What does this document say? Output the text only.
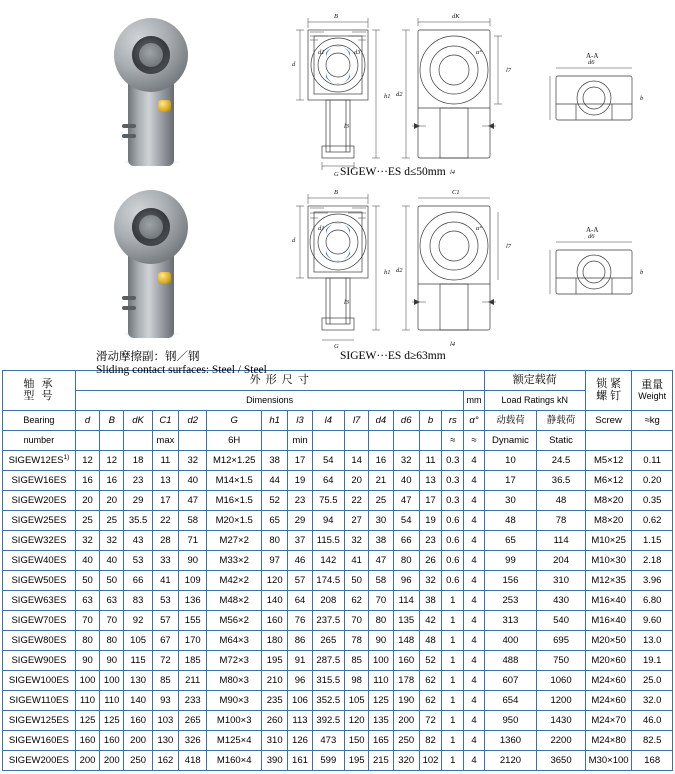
B
d
h1
G
d2
dK
l7
l4
b
d6
d1	d3
l3
α°	A-A
SIGEW···ES d≤50mm
B
d
h1
G
d2
C1
l7
l4
b
d6
d1
l3
α°	A-A
SIGEW···ES d≥63mm
滑动摩擦副：钢／钢
Sliding contact surfaces: Steel / Steel
轴 承
型 号
	外 形 尺 寸	额定载荷	锁 紧
螺 钉

重量
Weight

	Dimensions														mm	Load Ratings kN			

Bearing	d	B	dK	C1	d2	G	h1	l3	l4	l7	d4	d6	b	rs	α°	动载荷	静载荷	Screw	≈kg

number				max		6H		min						≈	≈	Dynamic	Static		
SIGEW12ES$^{1)}$	12	12	18	11	32	M12×1.25	38	17	54	14	16	32	11	0.3	4	10	24.5	M5×12	0.11
SIGEW16ES	16	16	23	13	40	M14×1.5	44	19	64	20	21	40	13	0.3	4	17	36.5	M6×12	0.20
SIGEW20ES	20	20	29	17	47	M16×1.5	52	23	75.5	22	25	47	17	0.3	4	30	48	M8×20	0.35
SIGEW25ES	25	25	35.5	22	58	M20×1.5	65	29	94	27	30	54	19	0.6	4	48	78	M8×20	0.62
SIGEW32ES	32	32	43	28	71	M27×2	80	37	115.5	32	38	66	23	0.6	4	65	114	M10×25	1.15
SIGEW40ES	40	40	53	33	90	M33×2	97	46	142	41	47	80	26	0.6	4	99	204	M10×30	2.18
SIGEW50ES	50	50	66	41	109	M42×2	120	57	174.5	50	58	96	32	0.6	4	156	310	M12×35	3.96
SIGEW63ES	63	63	83	53	136	M48×2	140	64	208	62	70	114	38	1	4	253	430	M16×40	6.80
SIGEW70ES	70	70	92	57	155	M56×2	160	76	237.5	70	80	135	42	1	4	313	540	M16×40	9.60
SIGEW80ES	80	80	105	67	170	M64×3	180	86	265	78	90	148	48	1	4	400	695	M20×50	13.0
SIGEW90ES	90	90	115	72	185	M72×3	195	91	287.5	85	100	160	52	1	4	488	750	M20×60	19.1
SIGEW100ES	100	100	130	85	211	M80×3	210	96	315.5	98	110	178	62	1	4	607	1060	M24×60	25.0
SIGEW110ES	110	110	140	93	233	M90×3	235	106	352.5	105	125	190	62	1	4	654	1200	M24×60	32.0
SIGEW125ES	125	125	160	103	265	M100×3	260	113	392.5	120	135	200	72	1	4	950	1430	M24×70	46.0
SIGEW160ES	160	160	200	130	326	M125×4	310	126	473	150	165	250	82	1	4	1360	2200	M24×80	82.5
SIGEW200ES	200	200	250	162	418	M160×4	390	161	599	195	215	320	102	1	4	2120	3650	M30×100	168
